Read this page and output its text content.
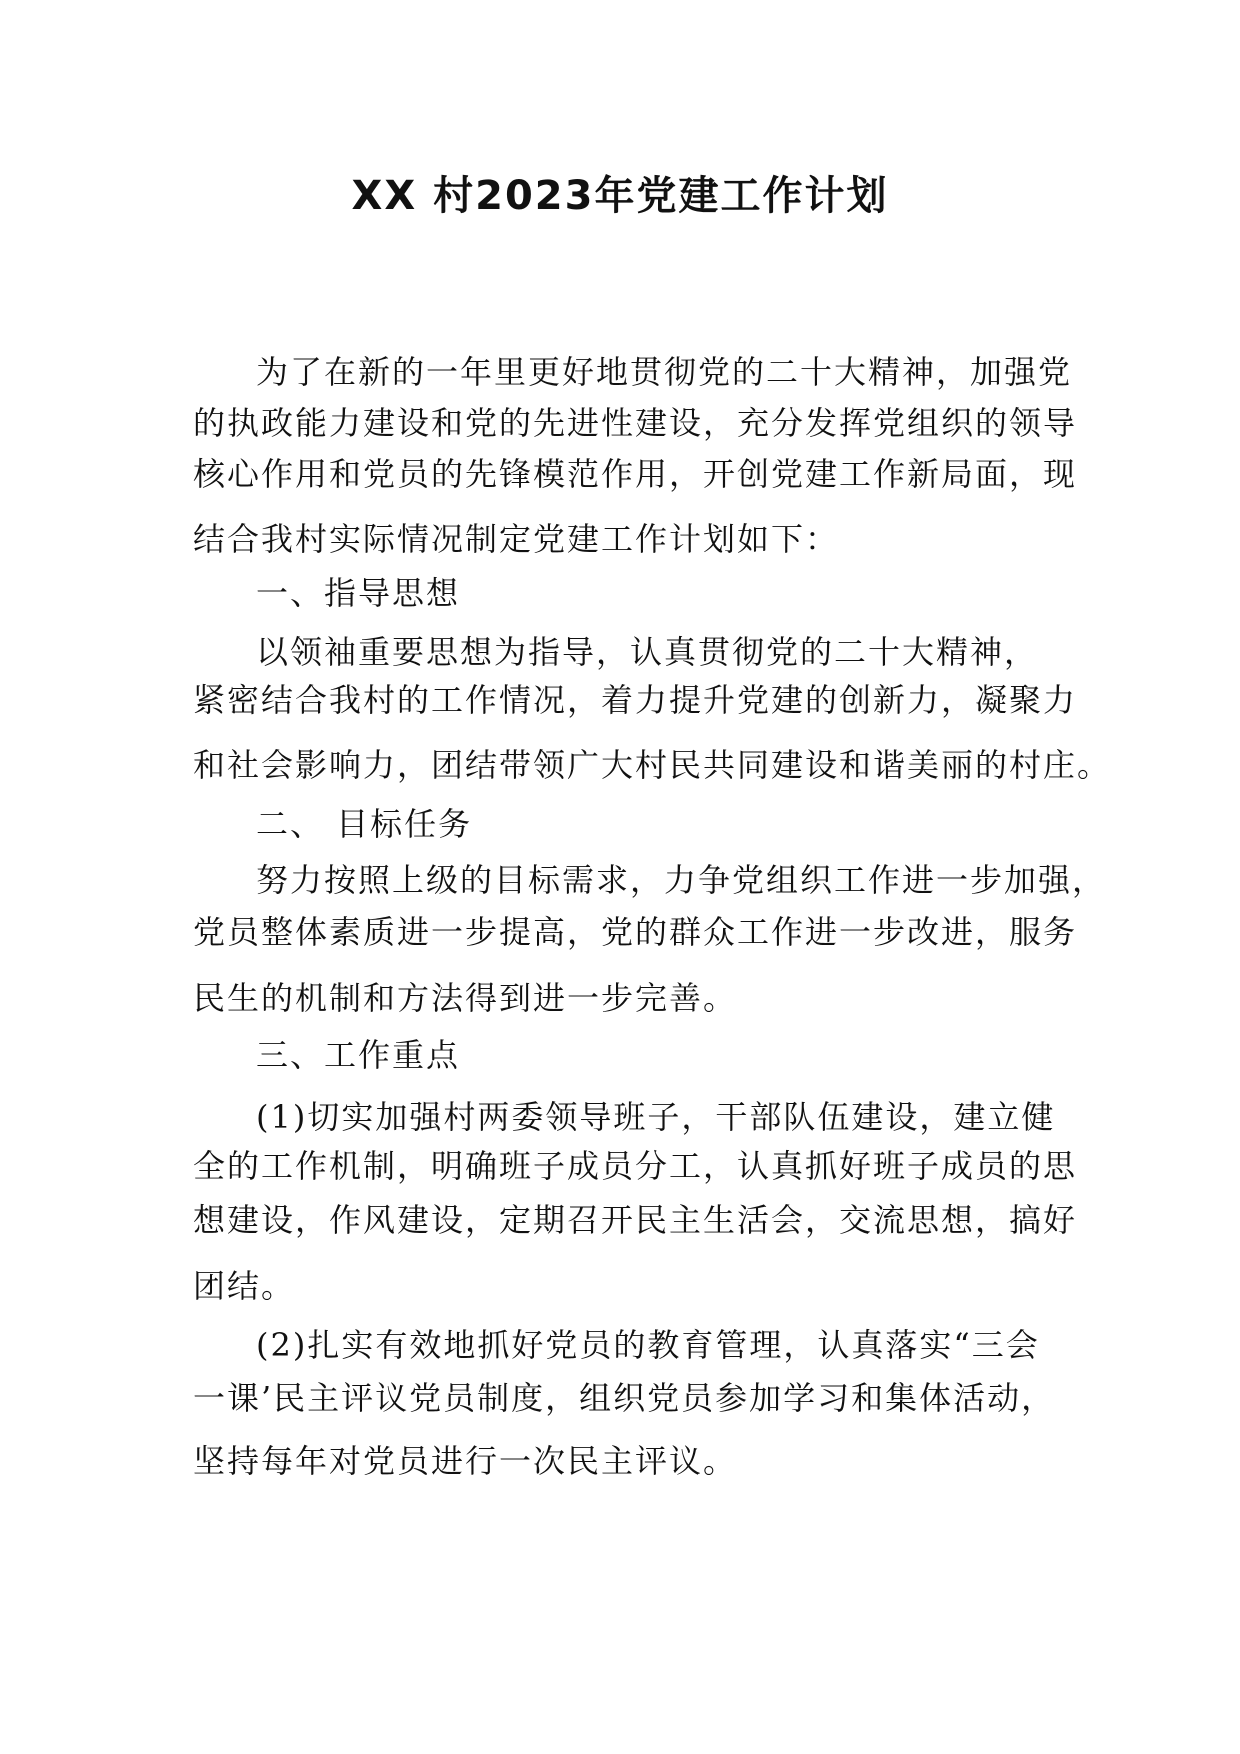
XX 村2023年党建工作计划
为了在新的一年里更好地贯彻党的二十大精神，加强党
的执政能力建设和党的先进性建设，充分发挥党组织的领导
核心作用和党员的先锋模范作用，开创党建工作新局面，现
结合我村实际情况制定党建工作计划如下：
一、指导思想
以领袖重要思想为指导，认真贯彻党的二十大精神，
紧密结合我村的工作情况，着力提升党建的创新力，凝聚力
和社会影响力，团结带领广大村民共同建设和谐美丽的村庄。
二、 目标任务
努力按照上级的目标需求，力争党组织工作进一步加强，
党员整体素质进一步提高，党的群众工作进一步改进，服务
民生的机制和方法得到进一步完善。
三、工作重点
(1)切实加强村两委领导班子，干部队伍建设，建立健
全的工作机制，明确班子成员分工，认真抓好班子成员的思
想建设，作风建设，定期召开民主生活会，交流思想，搞好
团结。
(2)扎实有效地抓好党员的教育管理，认真落实“三会
一课’民主评议党员制度，组织党员参加学习和集体活动，
坚持每年对党员进行一次民主评议。
